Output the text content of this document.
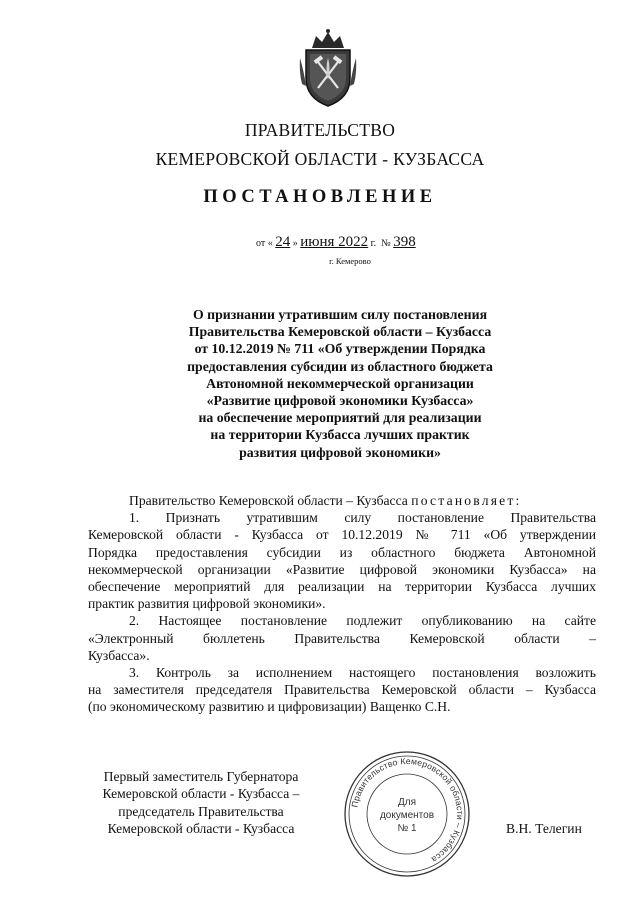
ПРАВИТЕЛЬСТВО
КЕМЕРОВСКОЙ ОБЛАСТИ - КУЗБАССА
ПОСТАНОВЛЕНИЕ
от « 24 » июня 2022 г. № 398
г. Кемерово
О признании утратившим силу постановления
Правительства Кемеровской области – Кузбасса
от 10.12.2019 № 711 «Об утверждении Порядка
предоставления субсидии из областного бюджета
Автономной некоммерческой организации
«Развитие цифровой экономики Кузбасса»
на обеспечение мероприятий для реализации
на территории Кузбасса лучших практик
развития цифровой экономики»
Правительство Кемеровской области – Кузбасса постановляет:
1. Признать утратившим силу постановление Правительства
Кемеровской области - Кузбасса от 10.12.2019 № 711 «Об утверждении
Порядка предоставления субсидии из областного бюджета Автономной
некоммерческой организации «Развитие цифровой экономики Кузбасса» на
обеспечение мероприятий для реализации на территории Кузбасса лучших
практик развития цифровой экономики».
2. Настоящее постановление подлежит опубликованию на сайте
«Электронный бюллетень Правительства Кемеровской области –
Кузбасса».
3. Контроль за исполнением настоящего постановления возложить
на заместителя председателя Правительства Кемеровской области – Кузбасса
(по экономическому развитию и цифровизации) Ващенко С.Н.
Первый заместитель Губернатора
Кемеровской области - Кузбасса –
председатель Правительства
Кемеровской области - Кузбасса
Правительство Кемеровской области – Кузбасса
Для
документов
№ 1	В.Н. Телегин
